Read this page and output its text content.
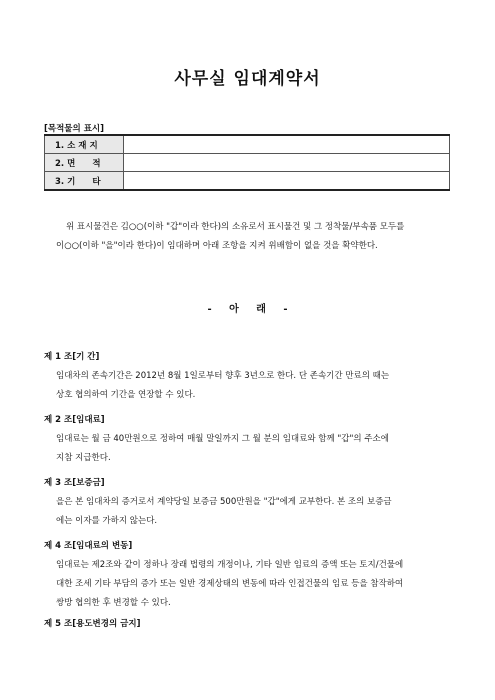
사무실 임대계약서
[목적물의 표시]
1. 소 재 지	
2. 면　　적	
3. 기　　타	
위 표시물건은 김○○(이하 "갑"이라 한다)의 소유로서 표시물건 및 그 정착물/부속품 모두를
이○○(이하 "을"이라 한다)이 임대하며 아래 조항을 지켜 위배함이 없을 것을 확약한다.
- 아 래 -
제 1 조[기 간]
임대차의 존속기간은 2012년 8월 1일로부터 향후 3년으로 한다. 단 존속기간 만료의 때는
상호 협의하여 기간을 연장할 수 있다.
제 2 조[임대료]
임대료는 월 금 40만원으로 정하여 매월 말일까지 그 월 분의 임대료와 함께 "갑"의 주소에
지참 지급한다.
제 3 조[보증금]
을은 본 임대차의 증거로서 계약당일 보증금 500만원을 "갑"에게 교부한다. 본 조의 보증금
에는 이자를 가하지 않는다.
제 4 조[임대료의 변동]
임대료는 제2조와 같이 정하나 장래 법령의 개정이나, 기타 일반 임료의 증액 또는 토지/건물에
대한 조세 기타 부담의 증가 또는 일반 경제상태의 변동에 따라 인접건물의 임료 등을 참작하여
쌍방 협의한 후 변경할 수 있다.
제 5 조[용도변경의 금지]
